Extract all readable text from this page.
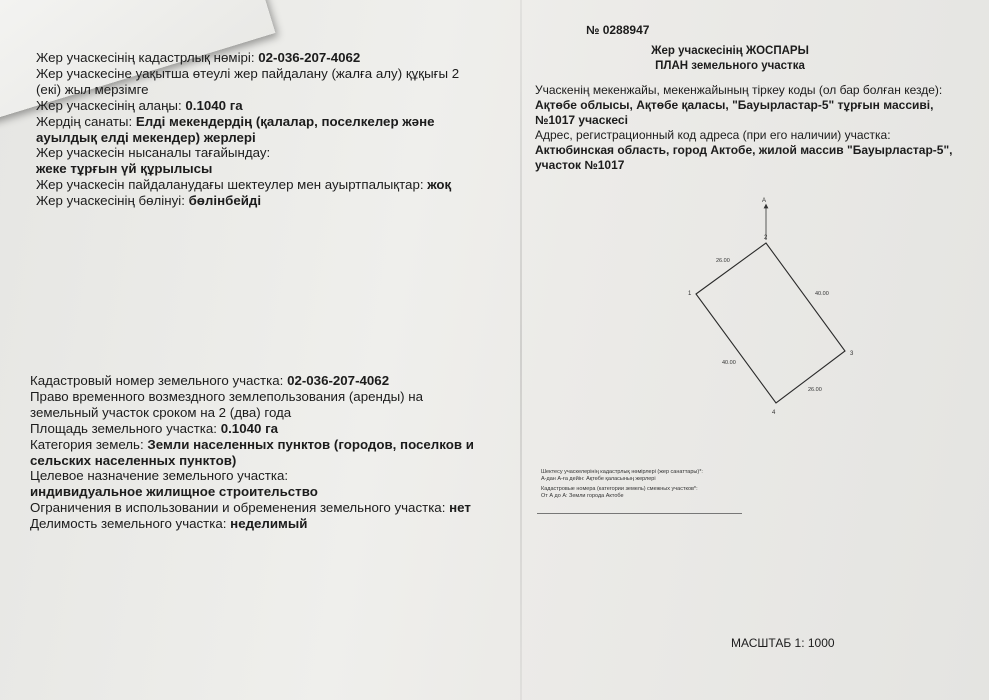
Жер учаскесінің кадастрлық нөмірі: 02-036-207-4062
Жер учаскесіне уақытша өтеулі жер пайдалану (жалға алу) құқығы 2
(екі) жыл мерзімге
Жер учаскесінің алаңы: 0.1040 га
Жердің санаты: Елді мекендердің (қалалар, поселкелер және
ауылдық елді мекендер) жерлері
Жер учаскесін нысаналы тағайындау:
жеке тұрғын үй құрылысы
Жер учаскесін пайдаланудағы шектеулер мен ауыртпалықтар: жоқ
Жер учаскесінің бөлінуі: бөлінбейді
Кадастровый номер земельного участка: 02-036-207-4062
Право временного возмездного землепользования (аренды) на
земельный участок сроком на 2 (два) года
Площадь земельного участка: 0.1040 га
Категория земель: Земли населенных пунктов (городов, поселков и
сельских населенных пунктов)
Целевое назначение земельного участка:
индивидуальное жилищное строительство
Ограничения в использовании и обременения земельного участка: нет
Делимость земельного участка: неделимый
№ 0288947
Жер учаскесінің ЖОСПАРЫ
ПЛАН земельного участка
Учаскенің мекенжайы, мекенжайының тіркеу коды (ол бар болған кезде):
Ақтөбе облысы, Ақтөбе қаласы, "Бауырластар-5" тұрғын массиві,
№1017 учаскесі
Адрес, регистрационный код адреса (при его наличии) участка:
Актюбинская область, город Актобе, жилой массив "Бауырластар-5",
участок №1017
A
1
2
3
4
26.00
40.00
26.00
40.00
Шектесу учаскелерінің кадастрлық нөмірлері (жер санаттары)*:
А-дан А-ға дейін: Ақтөбе қаласының жерлері
Кадастровые номера (категории земель) смежных участков*:
От А до А: Земли города Актобе
МАСШТАБ 1: 1000
